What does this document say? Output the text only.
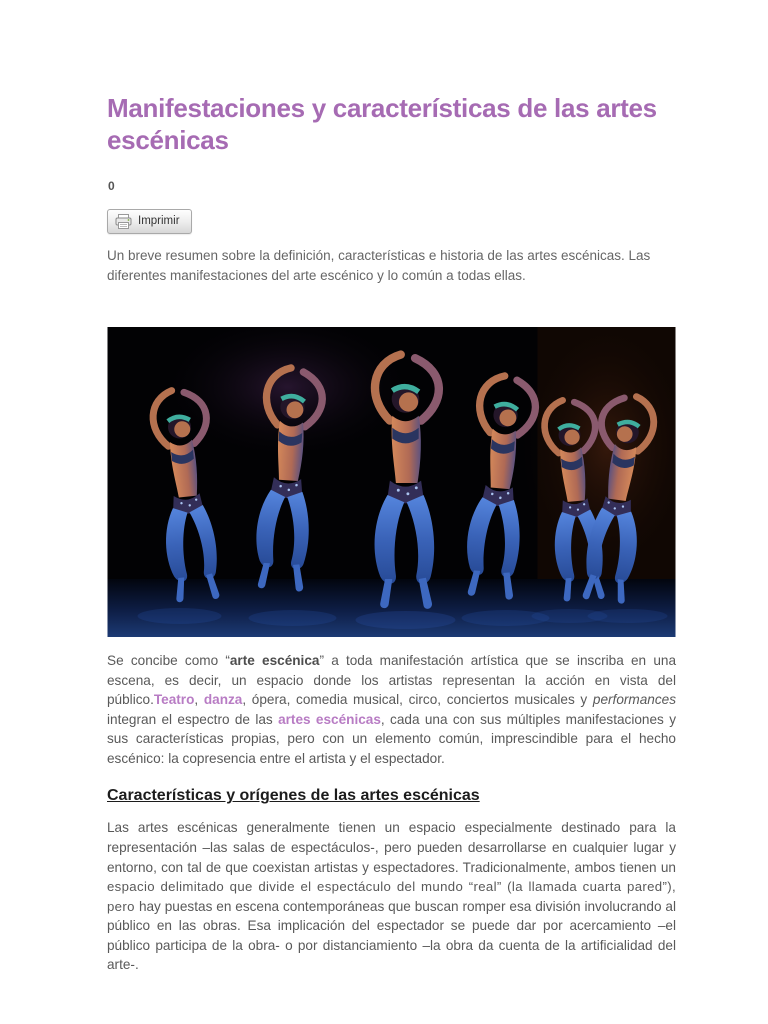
Manifestaciones y características de las artes escénicas
0
Imprimir

Un breve resumen sobre la definición, características e historia de las artes escénicas. Las diferentes manifestaciones del arte escénico y lo común a todas ellas.

Se concibe como “arte escénica” a toda manifestación artística que se inscriba en una escena, es decir, un espacio donde los artistas representan la acción en vista del público.Teatro, danza, ópera, comedia musical, circo, conciertos musicales y performances integran el espectro de las artes escénicas, cada una con sus múltiples manifestaciones y sus características propias, pero con un elemento común, imprescindible para el hecho escénico: la copresencia entre el artista y el espectador.

Características y orígenes de las artes escénicas

Las artes escénicas generalmente tienen un espacio especialmente destinado para la representación –las salas de espectáculos-, pero pueden desarrollarse en cualquier lugar y entorno, con tal de que coexistan artistas y espectadores. Tradicionalmente, ambos tienen un espacio delimitado que divide el espectáculo del mundo “real” (la llamada cuarta pared”), pero hay puestas en escena contemporáneas que buscan romper esa división involucrando al público en las obras. Esa implicación del espectador se puede dar por acercamiento –el público participa de la obra- o por distanciamiento –la obra da cuenta de la artificialidad del arte-.
